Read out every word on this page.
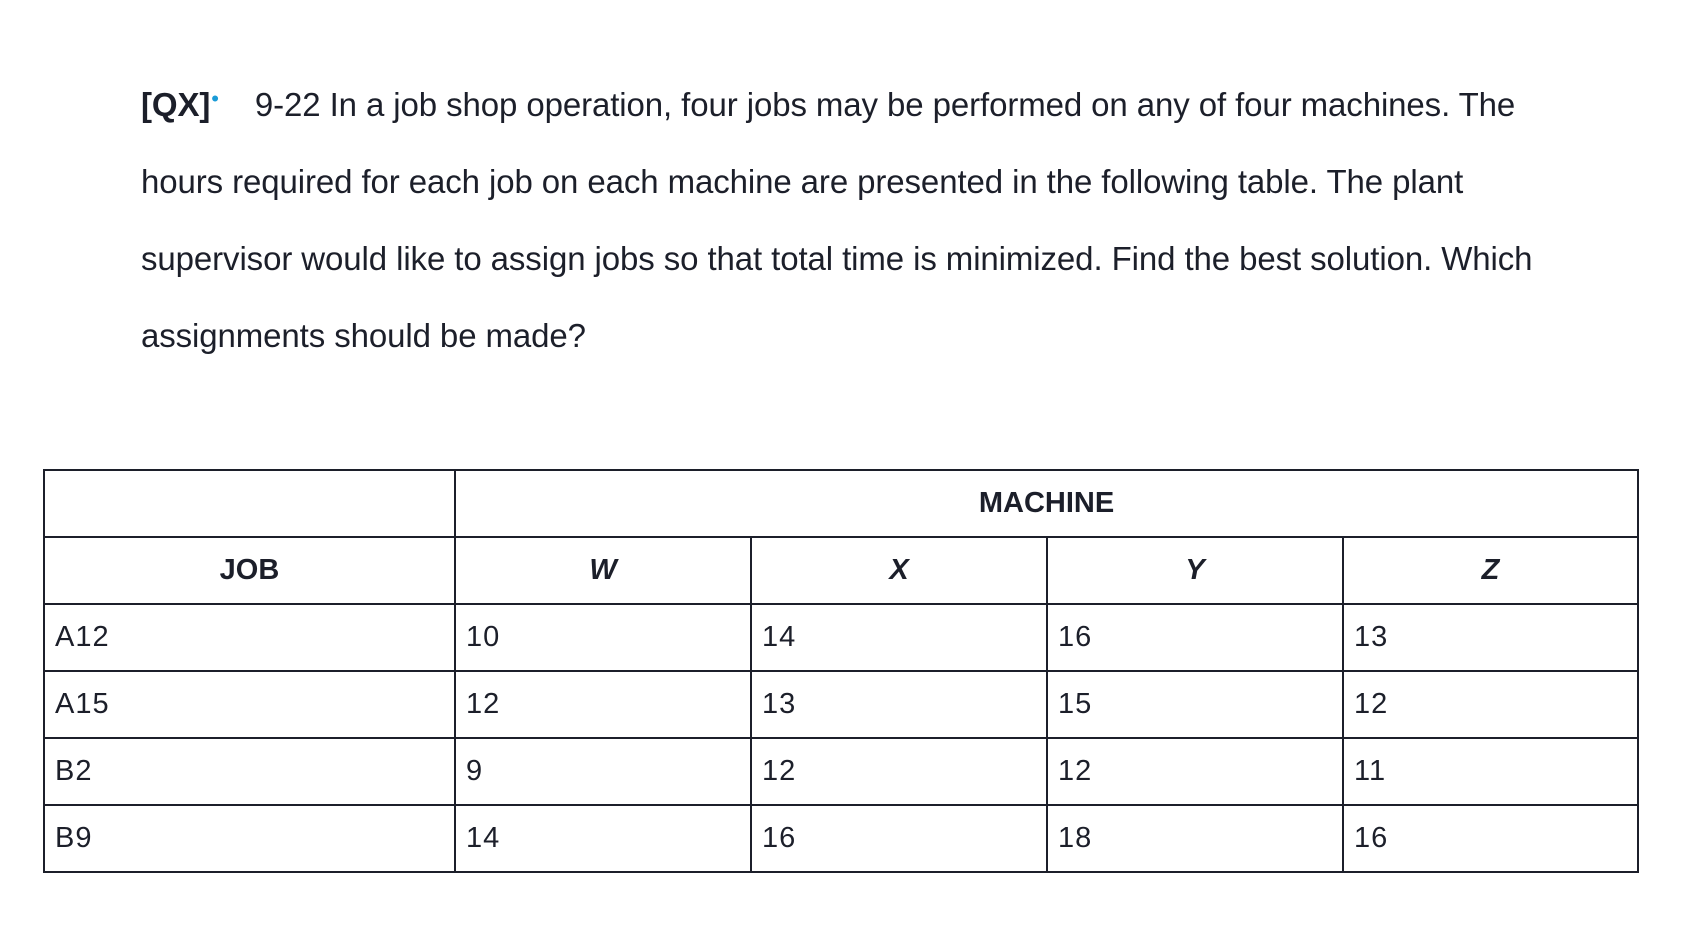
[QX]• 9-22 In a job shop operation, four jobs may be performed on any of four machines. The hours required for each job on each machine are presented in the following table. The plant supervisor would like to assign jobs so that total time is minimized. Find the best solution. Which assignments should be made?
	MACHINE			
JOB	W	X	Y	Z
A12	10	14	16	13
A15	12	13	15	12
B2	9	12	12	11
B9	14	16	18	16
